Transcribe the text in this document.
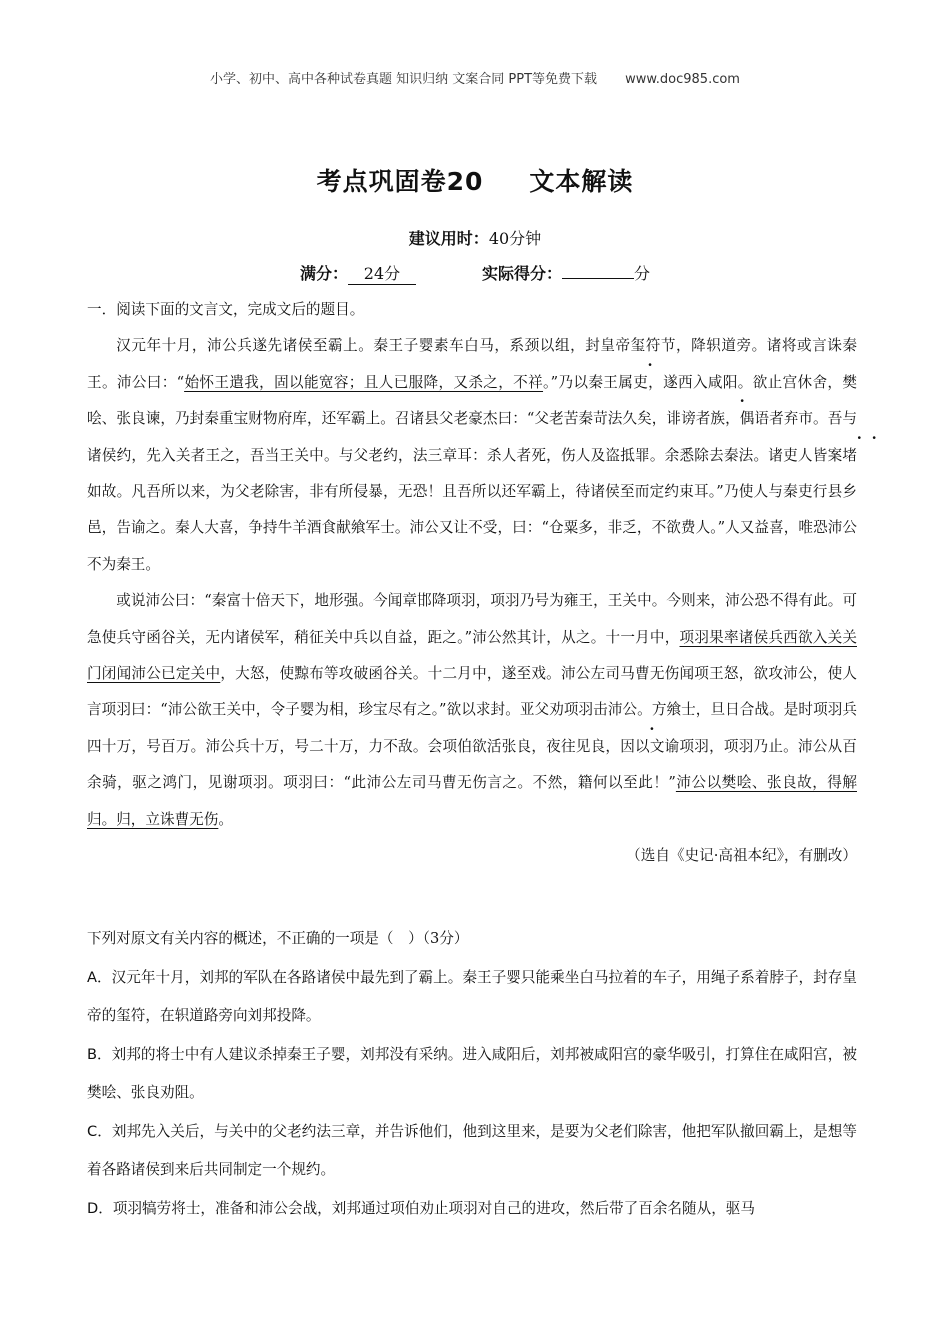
小学、初中、高中各种试卷真题 知识归纳 文案合同 PPT等免费下载 www.doc985.com
考点巩固卷20 文本解读
建议用时：40分钟
满分： 24分	实际得分：	分

一．阅读下面的文言文，完成文后的题目。

汉元年十月，沛公兵遂先诸侯至霸上。秦王子婴素车白马，系颈以组，封皇帝玺符节，降轵道旁。诸将或言诛秦王。沛公曰：“始怀王遣我，固以能宽容；且人已服降，又杀之，不祥。”乃以秦王属吏，遂西入咸阳。欲止宫休舍，樊哙、张良谏，乃封秦重宝财物府库，还军霸上。召诸县父老豪杰曰：“父老苦秦苛法久矣，诽谤者族，偶语者弃市。吾与诸侯约，先入关者王之，吾当王关中。与父老约，法三章耳：杀人者死，伤人及盗抵罪。余悉除去秦法。诸吏人皆案堵如故。凡吾所以来，为父老除害，非有所侵暴，无恐！且吾所以还军霸上，待诸侯至而定约束耳。”乃使人与秦吏行县乡邑，告谕之。秦人大喜，争持牛羊酒食献飨军士。沛公又让不受，曰：“仓粟多，非乏，不欲费人。”人又益喜，唯恐沛公不为秦王。

或说沛公曰：“秦富十倍天下，地形强。今闻章邯降项羽，项羽乃号为雍王，王关中。今则来，沛公恐不得有此。可急使兵守函谷关，无内诸侯军，稍征关中兵以自益，距之。”沛公然其计，从之。十一月中，项羽果率诸侯兵西欲入关关门闭闻沛公已定关中，大怒，使黥布等攻破函谷关。十二月中，遂至戏。沛公左司马曹无伤闻项王怒，欲攻沛公，使人言项羽曰：“沛公欲王关中，令子婴为相，珍宝尽有之。”欲以求封。亚父劝项羽击沛公。方飨士，旦日合战。是时项羽兵四十万，号百万。沛公兵十万，号二十万，力不敌。会项伯欲活张良，夜往见良，因以文谕项羽，项羽乃止。沛公从百余骑，驱之鸿门，见谢项羽。项羽曰：“此沛公左司马曹无伤言之。不然，籍何以至此！”沛公以樊哙、张良故，得解归。归，立诛曹无伤。

（选自《史记·高祖本纪》，有删改）

下列对原文有关内容的概述，不正确的一项是（　）（3分）

A．汉元年十月，刘邦的军队在各路诸侯中最先到了霸上。秦王子婴只能乘坐白马拉着的车子，用绳子系着脖子，封存皇帝的玺符，在轵道路旁向刘邦投降。

B．刘邦的将士中有人建议杀掉秦王子婴，刘邦没有采纳。进入咸阳后，刘邦被咸阳宫的豪华吸引，打算住在咸阳宫，被樊哙、张良劝阻。

C．刘邦先入关后，与关中的父老约法三章，并告诉他们，他到这里来，是要为父老们除害，他把军队撤回霸上，是想等着各路诸侯到来后共同制定一个规约。

D．项羽犒劳将士，准备和沛公会战，刘邦通过项伯劝止项羽对自己的进攻，然后带了百余名随从，驱马
